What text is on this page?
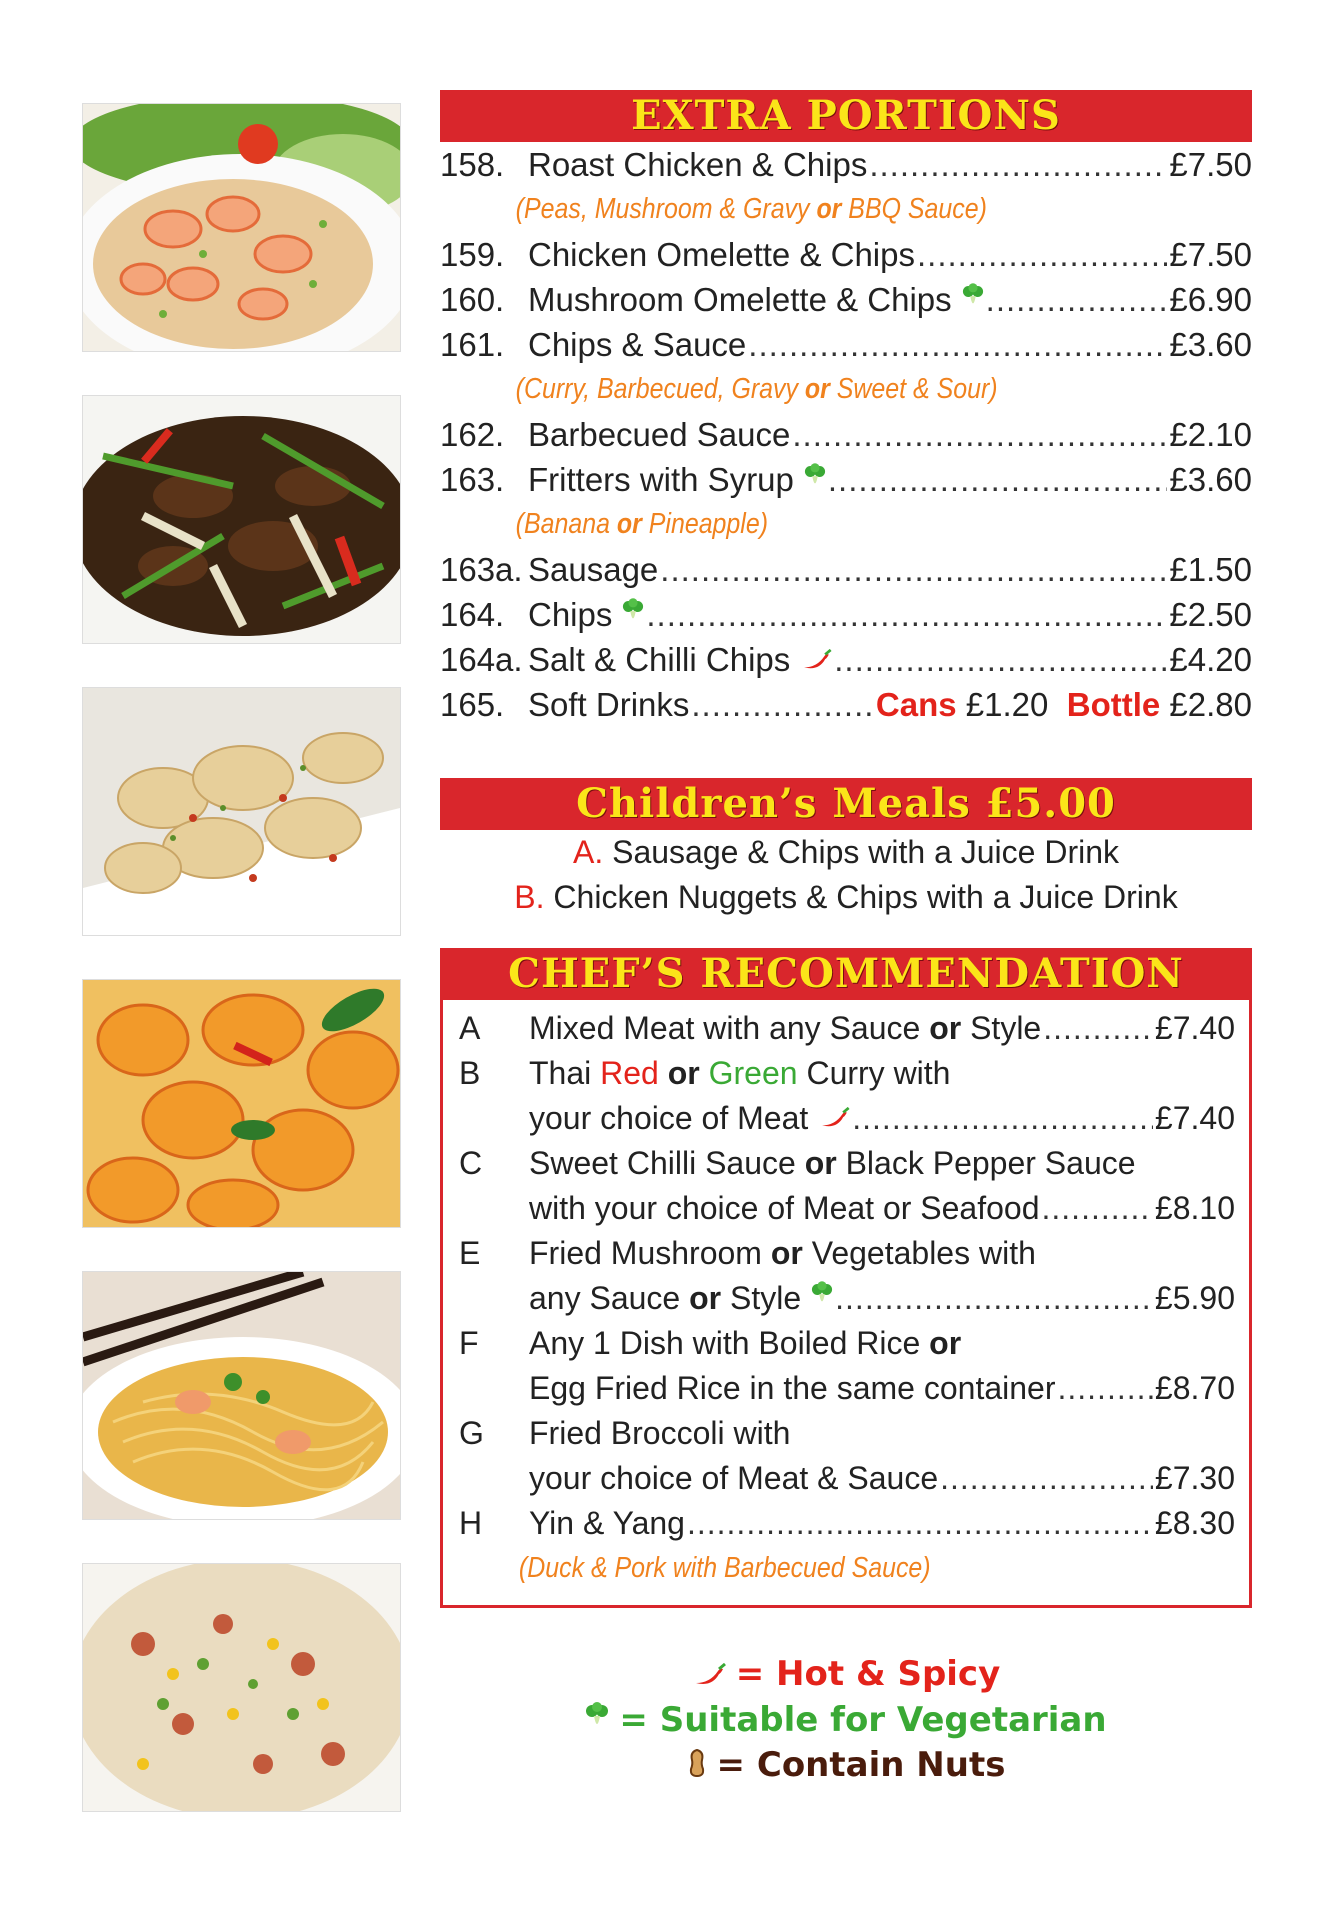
EXTRA PORTIONS
158. Roast Chicken & Chips .....	£7.50
(Peas, Mushroom & Gravy or BBQ Sauce)
159. Chicken Omelette & Chips .....	£7.50
160. Mushroom Omelette & Chips .....	£6.90
161. Chips & Sauce .....	£3.60
(Curry, Barbecued, Gravy or Sweet & Sour)
162. Barbecued Sauce .....	£2.10
163. Fritters with Syrup .....	£3.60
(Banana or Pineapple)
163a. Sausage .....	£1.50
164. Chips .....	£2.50
164a. Salt & Chilli Chips .....	£4.20
165. Soft Drinks .....	Cans £1.20 Bottle £2.80
Children’s Meals £5.00
A. Sausage & Chips with a Juice Drink
B. Chicken Nuggets & Chips with a Juice Drink
CHEF’S RECOMMENDATION
A	Mixed Meat with any Sauce or Style .....	£7.40
B	Thai Red or Green Curry with
your choice of Meat .....	£7.40
C	Sweet Chilli Sauce or Black Pepper Sauce
with your choice of Meat or Seafood .....	£8.10
E	Fried Mushroom or Vegetables with
any Sauce or Style .....	£5.90
F	Any 1 Dish with Boiled Rice or
Egg Fried Rice in the same container .....	£8.70
G	Fried Broccoli with
your choice of Meat & Sauce .....	£7.30
H	Yin & Yang .....	£8.30
(Duck & Pork with Barbecued Sauce)
= Hot & Spicy
= Suitable for Vegetarian
= Contain Nuts
